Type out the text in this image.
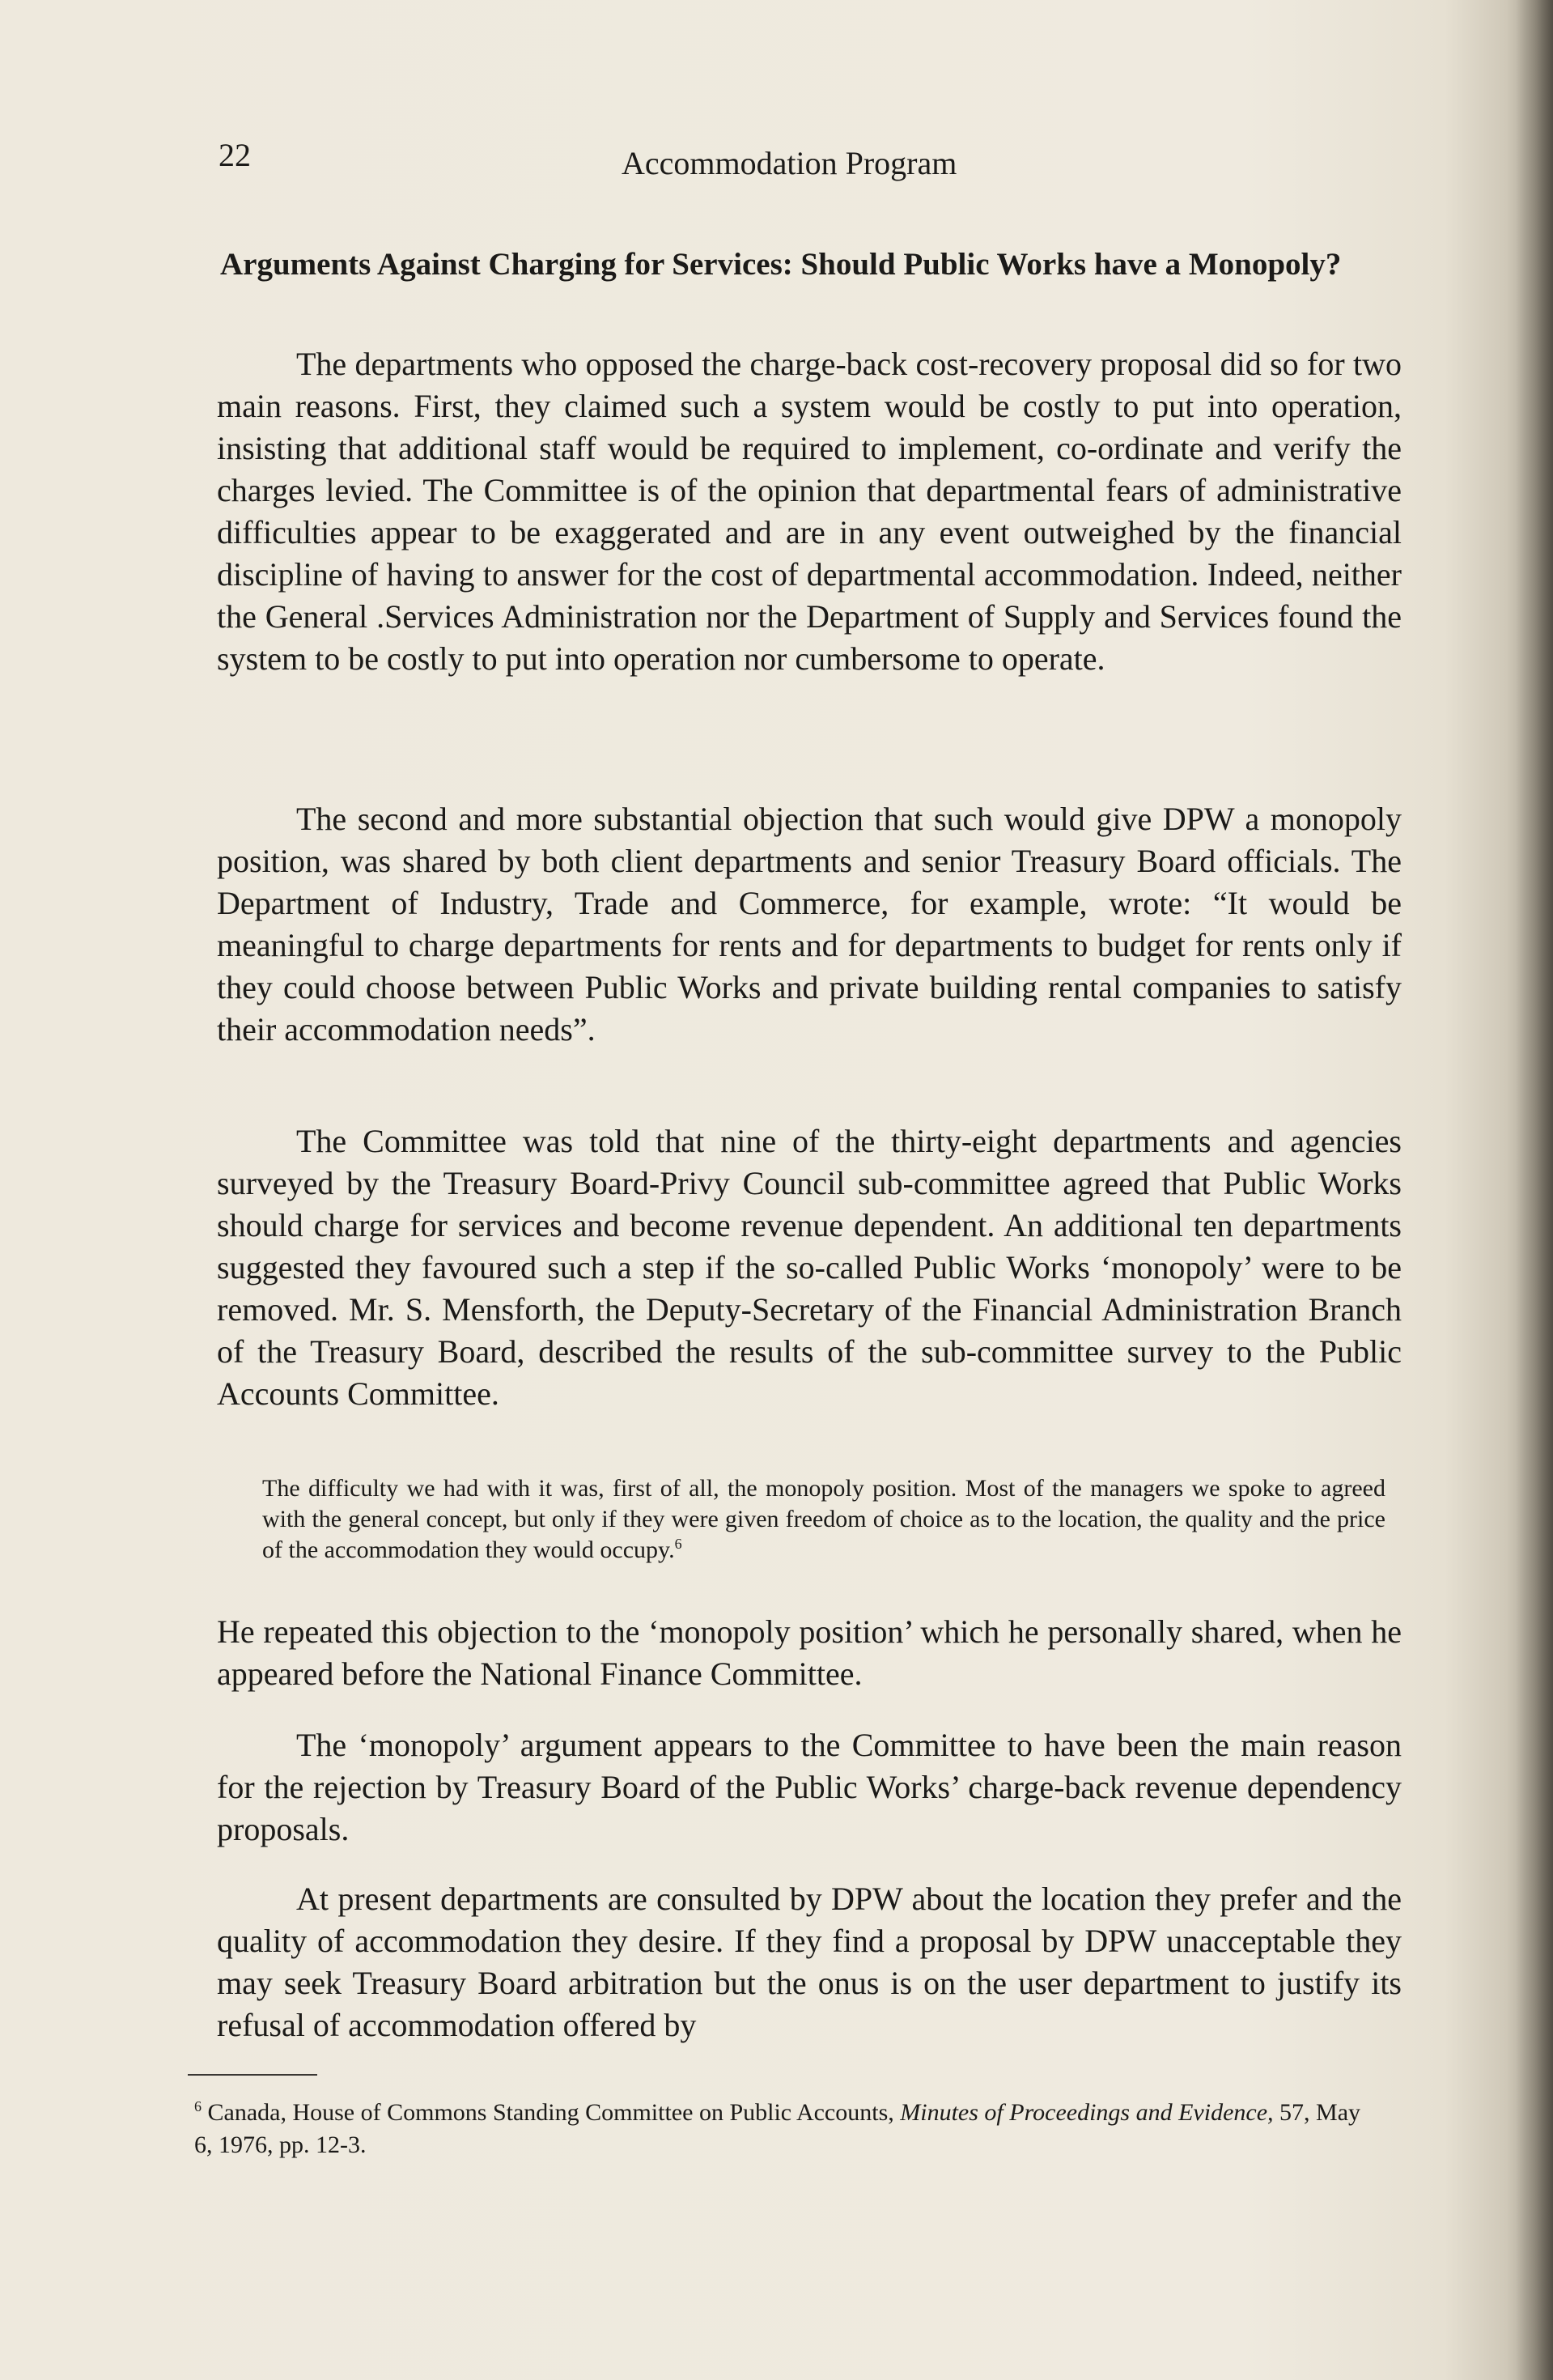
22	Accommodation Program
Arguments Against Charging for Services: Should Public Works have a Monopoly?

The departments who opposed the charge-back cost-recovery proposal did so for two main reasons. First, they claimed such a system would be costly to put into operation, insisting that additional staff would be required to implement, co-ordinate and verify the charges levied. The Committee is of the opinion that departmental fears of administrative difficulties appear to be exaggerated and are in any event outweighed by the financial discipline of having to answer for the cost of departmental accommodation. Indeed, neither the General .Services Administration nor the Department of Supply and Services found the system to be costly to put into operation nor cumbersome to operate.

The second and more substantial objection that such would give DPW a monopoly position, was shared by both client departments and senior Treasury Board officials. The Department of Industry, Trade and Commerce, for example, wrote: “It would be meaningful to charge departments for rents and for departments to budget for rents only if they could choose between Public Works and private building rental companies to satisfy their accommodation needs”.

The Committee was told that nine of the thirty-eight departments and agencies surveyed by the Treasury Board-Privy Council sub-committee agreed that Public Works should charge for services and become revenue dependent. An additional ten departments suggested they favoured such a step if the so-called Public Works ‘monopoly’ were to be removed. Mr. S. Mensforth, the Deputy-Secretary of the Financial Administration Branch of the Treasury Board, described the results of the sub-committee survey to the Public Accounts Committee.

The difficulty we had with it was, first of all, the monopoly position. Most of the managers we spoke to agreed with the general concept, but only if they were given freedom of choice as to the location, the quality and the price of the accommodation they would occupy.$^6$

He repeated this objection to the ‘monopoly position’ which he personally shared, when he appeared before the National Finance Committee.

The ‘monopoly’ argument appears to the Committee to have been the main reason for the rejection by Treasury Board of the Public Works’ charge-back revenue dependency proposals.

At present departments are consulted by DPW about the location they prefer and the quality of accommodation they desire. If they find a proposal by DPW unacceptable they may seek Treasury Board arbitration but the onus is on the user department to justify its refusal of accommodation offered by

$^6$ Canada, House of Commons Standing Committee on Public Accounts, Minutes of Proceedings and Evidence, 57, May 6, 1976, pp. 12-3.
